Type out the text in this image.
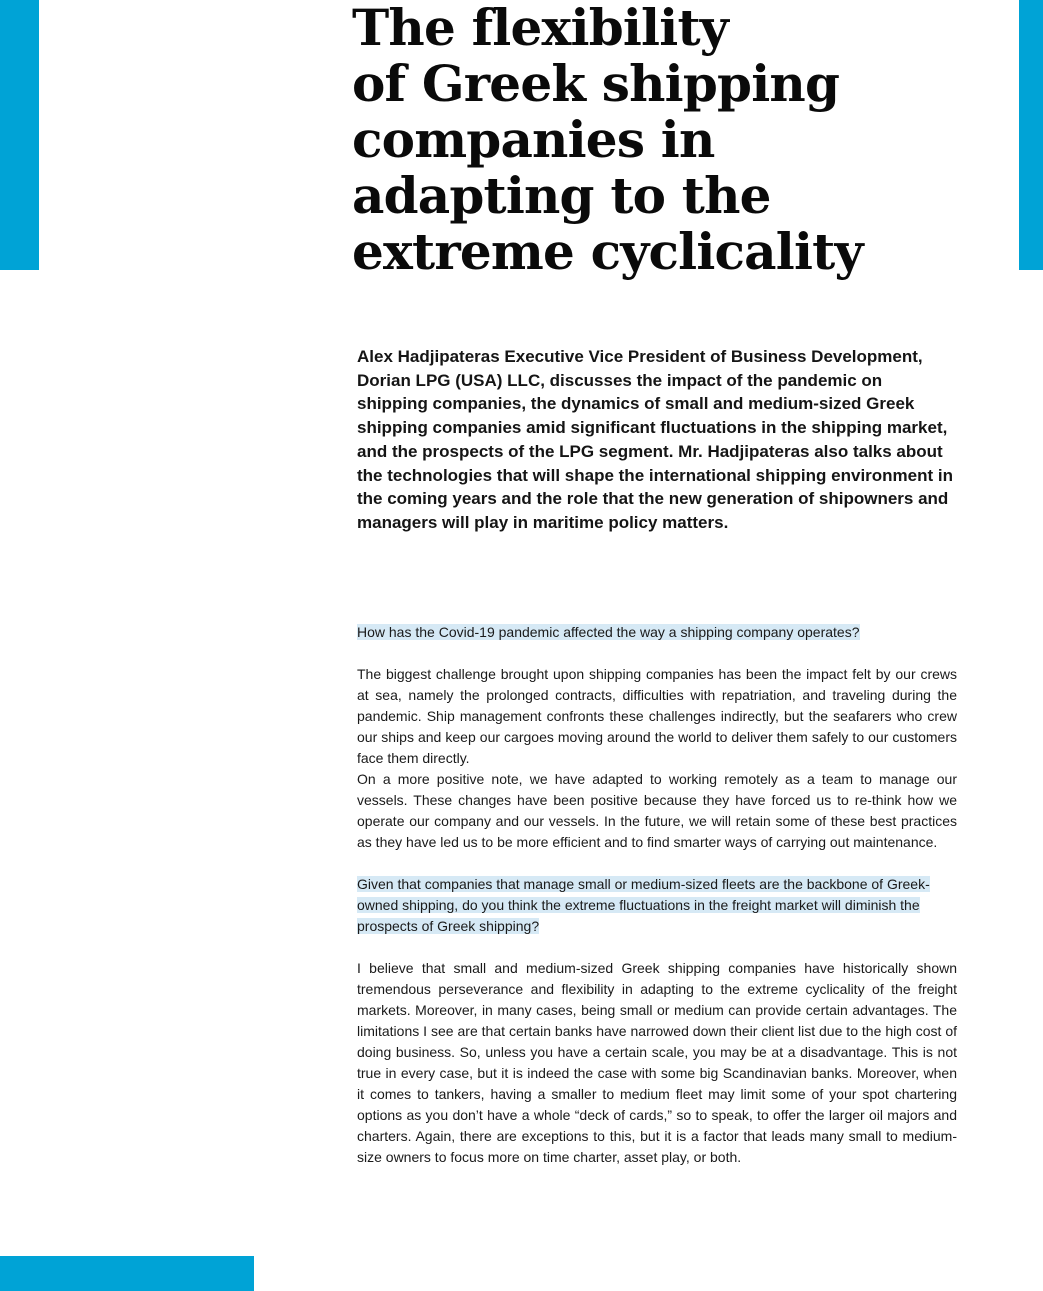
The flexibility
of Greek shipping
companies in
adapting to the
extreme cyclicality

Alex Hadjipateras Executive Vice President of Business Development, Dorian LPG (USA) LLC, discusses the impact of the pandemic on shipping companies, the dynamics of small and medium-sized Greek shipping companies amid significant fluctuations in the shipping market, and the prospects of the LPG segment. Mr. Hadjipateras also talks about the technologies that will shape the international shipping environment in the coming years and the role that the new generation of shipowners and managers will play in maritime policy matters.

How has the Covid-19 pandemic affected the way a shipping company operates?

The biggest challenge brought upon shipping companies has been the impact felt by our crews at sea, namely the prolonged contracts, difficulties with repatriation, and traveling during the pandemic. Ship management confronts these challenges indirectly, but the seafarers who crew our ships and keep our cargoes moving around the world to deliver them safely to our customers face them directly.

On a more positive note, we have adapted to working remotely as a team to manage our vessels. These changes have been positive because they have forced us to re-think how we operate our company and our vessels. In the future, we will retain some of these best practices as they have led us to be more efficient and to find smarter ways of carrying out maintenance.

Given that companies that manage small or medium-sized fleets are the backbone of Greek-owned shipping, do you think the extreme fluctuations in the freight market will diminish the prospects of Greek shipping?

I believe that small and medium-sized Greek shipping companies have historically shown tremendous perseverance and flexibility in adapting to the extreme cyclicality of the freight markets. Moreover, in many cases, being small or medium can provide certain advantages. The limitations I see are that certain banks have narrowed down their client list due to the high cost of doing business. So, unless you have a certain scale, you may be at a disadvantage. This is not true in every case, but it is indeed the case with some big Scandinavian banks. Moreover, when it comes to tankers, having a smaller to medium fleet may limit some of your spot chartering options as you don’t have a whole “deck of cards,” so to speak, to offer the larger oil majors and charters. Again, there are exceptions to this, but it is a factor that leads many small to medium-size owners to focus more on time charter, asset play, or both.
